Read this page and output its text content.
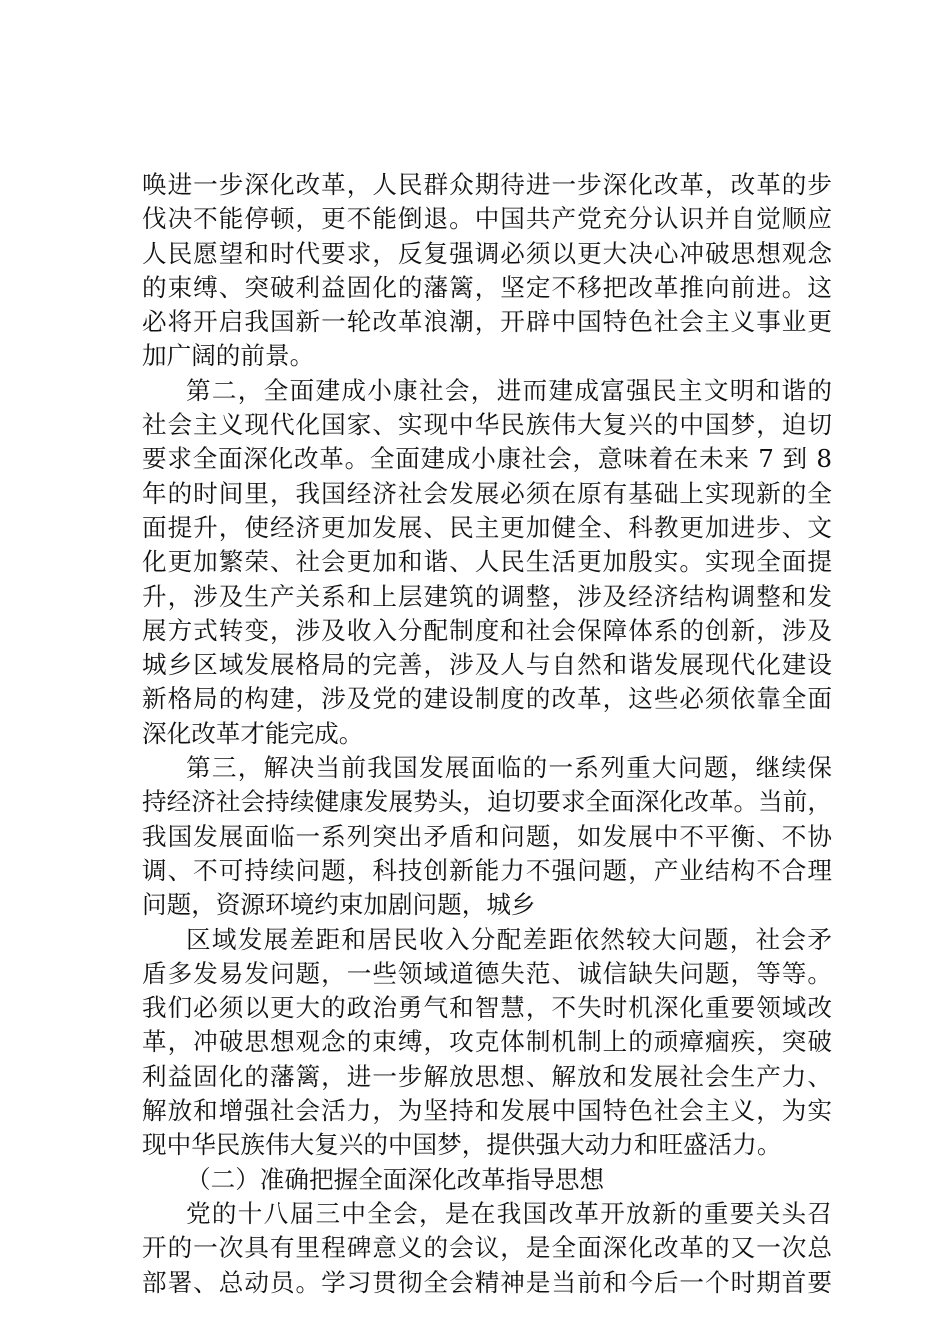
唤进一步深化改革，人民群众期待进一步深化改革，改革的步
伐决不能停顿，更不能倒退。中国共产党充分认识并自觉顺应
人民愿望和时代要求，反复强调必须以更大决心冲破思想观念
的束缚、突破利益固化的藩篱，坚定不移把改革推向前进。这
必将开启我国新一轮改革浪潮，开辟中国特色社会主义事业更
加广阔的前景。
第二，全面建成小康社会，进而建成富强民主文明和谐的
社会主义现代化国家、实现中华民族伟大复兴的中国梦，迫切
要求全面深化改革。全面建成小康社会，意味着在未来 7 到 8
年的时间里，我国经济社会发展必须在原有基础上实现新的全
面提升，使经济更加发展、民主更加健全、科教更加进步、文
化更加繁荣、社会更加和谐、人民生活更加殷实。实现全面提
升，涉及生产关系和上层建筑的调整，涉及经济结构调整和发
展方式转变，涉及收入分配制度和社会保障体系的创新，涉及
城乡区域发展格局的完善，涉及人与自然和谐发展现代化建设
新格局的构建，涉及党的建设制度的改革，这些必须依靠全面
深化改革才能完成。
第三，解决当前我国发展面临的一系列重大问题，继续保
持经济社会持续健康发展势头，迫切要求全面深化改革。当前，
我国发展面临一系列突出矛盾和问题，如发展中不平衡、不协
调、不可持续问题，科技创新能力不强问题，产业结构不合理
问题，资源环境约束加剧问题，城乡
区域发展差距和居民收入分配差距依然较大问题，社会矛
盾多发易发问题，一些领域道德失范、诚信缺失问题，等等。
我们必须以更大的政治勇气和智慧，不失时机深化重要领域改
革，冲破思想观念的束缚，攻克体制机制上的顽瘴痼疾，突破
利益固化的藩篱，进一步解放思想、解放和发展社会生产力、
解放和增强社会活力，为坚持和发展中国特色社会主义，为实
现中华民族伟大复兴的中国梦，提供强大动力和旺盛活力。
（二）准确把握全面深化改革指导思想
党的十八届三中全会，是在我国改革开放新的重要关头召
开的一次具有里程碑意义的会议，是全面深化改革的又一次总
部署、总动员。学习贯彻全会精神是当前和今后一个时期首要
